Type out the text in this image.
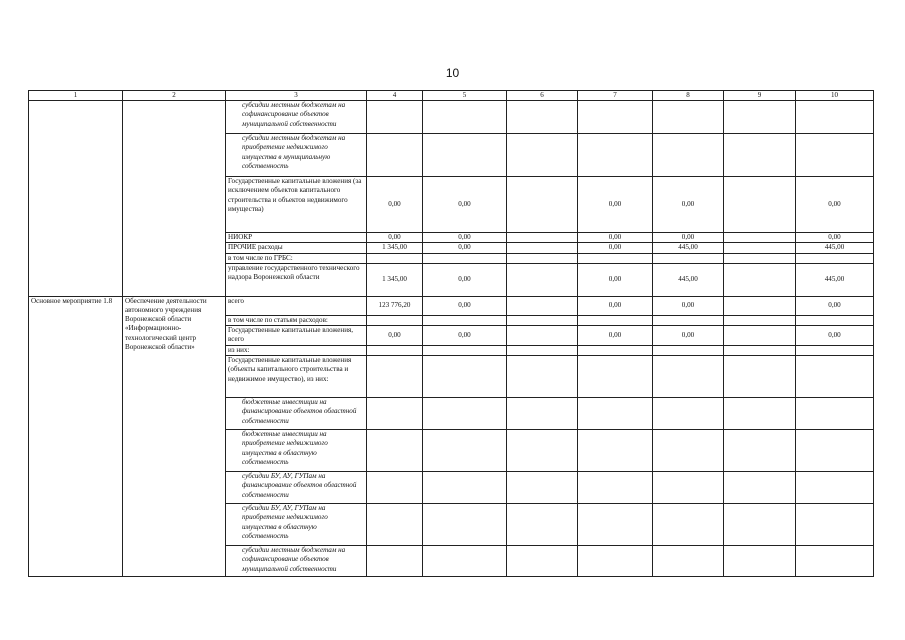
10
1	2	3	4	5	6	7	8	9	10
		субсидии местным бюджетам на софинансирование объектов муниципальной собственности							
		субсидии местным бюджетам на приобретение недвижимого имущества в муниципальную собственность							
		Государственные капитальные вложения (за исключением объектов капитального строительства и объектов недвижимого имущества)	0,00	0,00		0,00	0,00		0,00
		НИОКР	0,00	0,00		0,00	0,00		0,00
		ПРОЧИЕ расходы	1 345,00	0,00		0,00	445,00		445,00
		в том числе по ГРБС:							
		управление государственного технического надзора Воронежской области	1 345,00	0,00		0,00	445,00		445,00
Основное мероприятие 1.8	Обеспечение деятельности автономного учреждения Воронежской области «Информационно-технологический центр Воронежской области»	всего	123 776,20	0,00		0,00	0,00		0,00
		в том числе по статьям расходов:							
		Государственные капитальные вложения, всего	0,00	0,00		0,00	0,00		0,00
		из них:							
		Государственные капитальные вложения (объекты капитального строительства и недвижимое имущество), из них:							
		бюджетные инвестиции на финансирование объектов областной собственности							
		бюджетные инвестиции на приобретение недвижимого имущества в областную собственность							
		субсидии БУ, АУ, ГУПам на финансирование объектов областной собственности							
		субсидии БУ, АУ, ГУПам на приобретение недвижимого имущества в областную собственность							
		субсидии местным бюджетам на софинансирование объектов муниципальной собственности							
